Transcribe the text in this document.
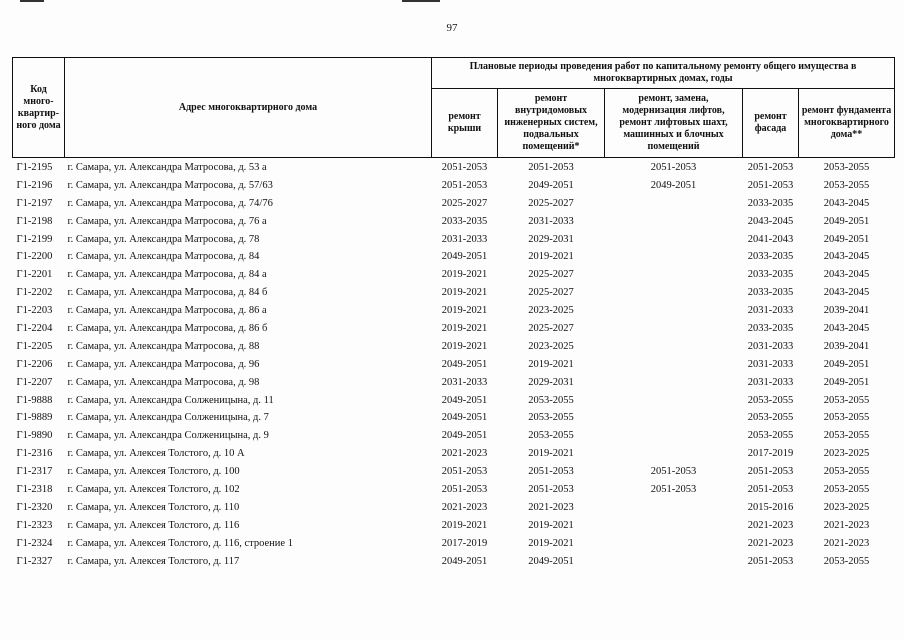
97
Код много-квартир-ного дома	Адрес многоквартирного дома	Плановые периоды проведения работ по капитальному ремонту общего имущества в многоквартирных домах, годы				
		ремонт крыши	ремонт внутридомовых инженерных систем, подвальных помещений*	ремонт, замена, модернизация лифтов, ремонт лифтовых шахт, машинных и блочных помещений	ремонт фасада	ремонт фундамента многоквартирного дома**
Г1-2195	г. Самара, ул. Александра Матросова, д. 53 а	2051-2053	2051-2053	2051-2053	2051-2053	2053-2055
Г1-2196	г. Самара, ул. Александра Матросова, д. 57/63	2051-2053	2049-2051	2049-2051	2051-2053	2053-2055
Г1-2197	г. Самара, ул. Александра Матросова, д. 74/76	2025-2027	2025-2027		2033-2035	2043-2045
Г1-2198	г. Самара, ул. Александра Матросова, д. 76 а	2033-2035	2031-2033		2043-2045	2049-2051
Г1-2199	г. Самара, ул. Александра Матросова, д. 78	2031-2033	2029-2031		2041-2043	2049-2051
Г1-2200	г. Самара, ул. Александра Матросова, д. 84	2049-2051	2019-2021		2033-2035	2043-2045
Г1-2201	г. Самара, ул. Александра Матросова, д. 84 а	2019-2021	2025-2027		2033-2035	2043-2045
Г1-2202	г. Самара, ул. Александра Матросова, д. 84 б	2019-2021	2025-2027		2033-2035	2043-2045
Г1-2203	г. Самара, ул. Александра Матросова, д. 86 а	2019-2021	2023-2025		2031-2033	2039-2041
Г1-2204	г. Самара, ул. Александра Матросова, д. 86 б	2019-2021	2025-2027		2033-2035	2043-2045
Г1-2205	г. Самара, ул. Александра Матросова, д. 88	2019-2021	2023-2025		2031-2033	2039-2041
Г1-2206	г. Самара, ул. Александра Матросова, д. 96	2049-2051	2019-2021		2031-2033	2049-2051
Г1-2207	г. Самара, ул. Александра Матросова, д. 98	2031-2033	2029-2031		2031-2033	2049-2051
Г1-9888	г. Самара, ул. Александра Солженицына, д. 11	2049-2051	2053-2055		2053-2055	2053-2055
Г1-9889	г. Самара, ул. Александра Солженицына, д. 7	2049-2051	2053-2055		2053-2055	2053-2055
Г1-9890	г. Самара, ул. Александра Солженицына, д. 9	2049-2051	2053-2055		2053-2055	2053-2055
Г1-2316	г. Самара, ул. Алексея Толстого, д. 10 А	2021-2023	2019-2021		2017-2019	2023-2025
Г1-2317	г. Самара, ул. Алексея Толстого, д. 100	2051-2053	2051-2053	2051-2053	2051-2053	2053-2055
Г1-2318	г. Самара, ул. Алексея Толстого, д. 102	2051-2053	2051-2053	2051-2053	2051-2053	2053-2055
Г1-2320	г. Самара, ул. Алексея Толстого, д. 110	2021-2023	2021-2023		2015-2016	2023-2025
Г1-2323	г. Самара, ул. Алексея Толстого, д. 116	2019-2021	2019-2021		2021-2023	2021-2023
Г1-2324	г. Самара, ул. Алексея Толстого, д. 116, строение 1	2017-2019	2019-2021		2021-2023	2021-2023
Г1-2327	г. Самара, ул. Алексея Толстого, д. 117	2049-2051	2049-2051		2051-2053	2053-2055
